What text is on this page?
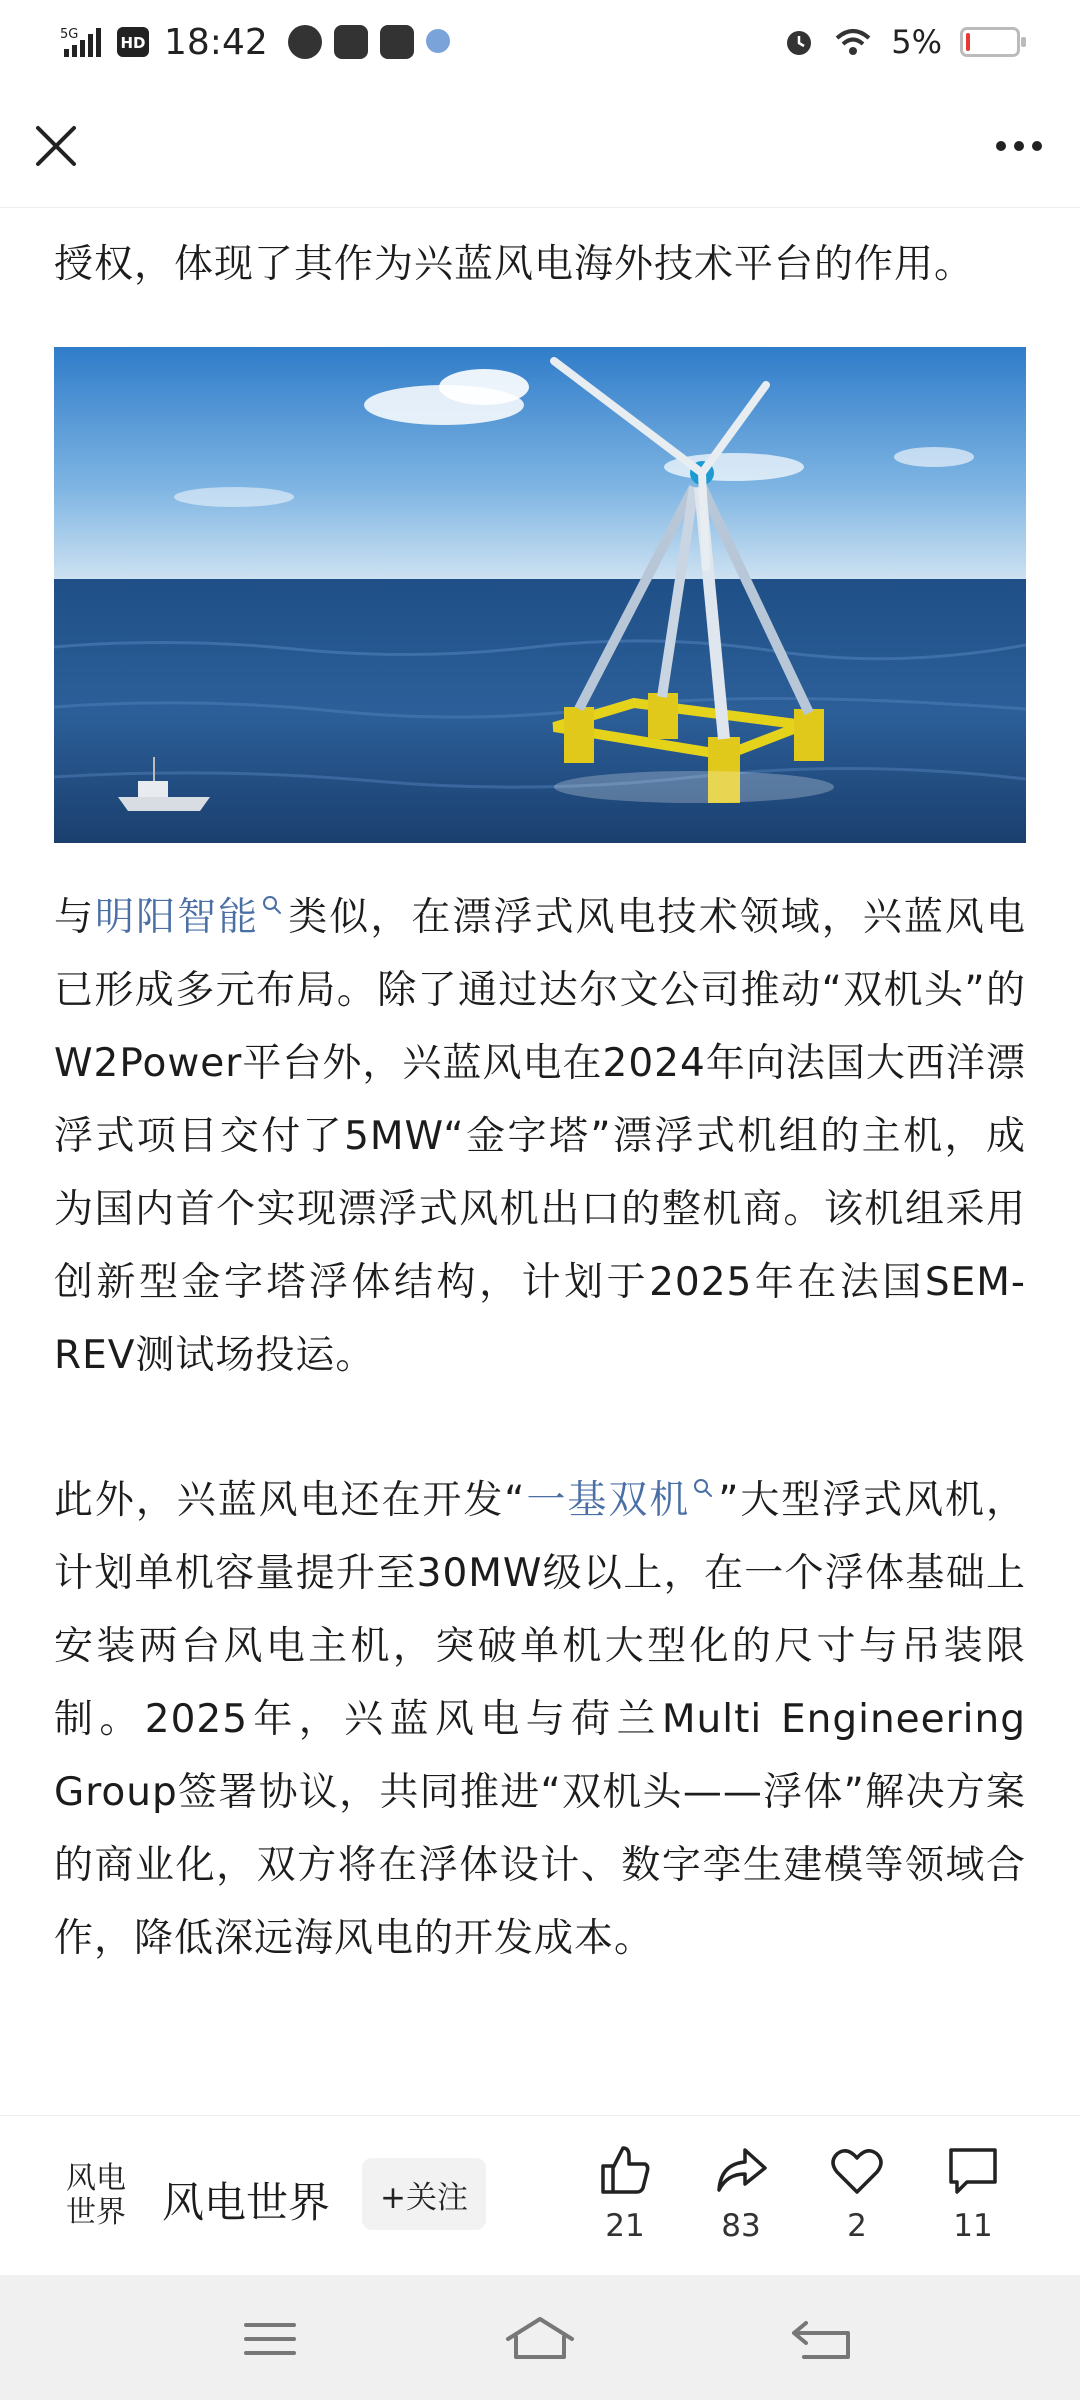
5G	HD 18:42	5%

授权，体现了其作为兴蓝风电海外技术平台的作用。

与明阳智能 类似，在漂浮式风电技术领域，兴蓝风电已形成多元布局。除了通过达尔文公司推动“双机头”的W2Power平台外，兴蓝风电在2024年向法国大西洋漂浮式项目交付了5MW“金字塔”漂浮式机组的主机，成为国内首个实现漂浮式风机出口的整机商。该机组采用创新型金字塔浮体结构，计划于2025年在法国SEM-REV测试场投运。

此外，兴蓝风电还在开发“一基双机 ”大型浮式风机，计划单机容量提升至30MW级以上，在一个浮体基础上安装两台风电主机，突破单机大型化的尺寸与吊装限制。2025年，兴蓝风电与荷兰Multi Engineering Group签署协议，共同推进“双机头——浮体”解决方案的商业化，双方将在浮体设计、数字孪生建模等领域合作，降低深远海风电的开发成本。

风电世界 风电世界	+关注
21	83	2	11
